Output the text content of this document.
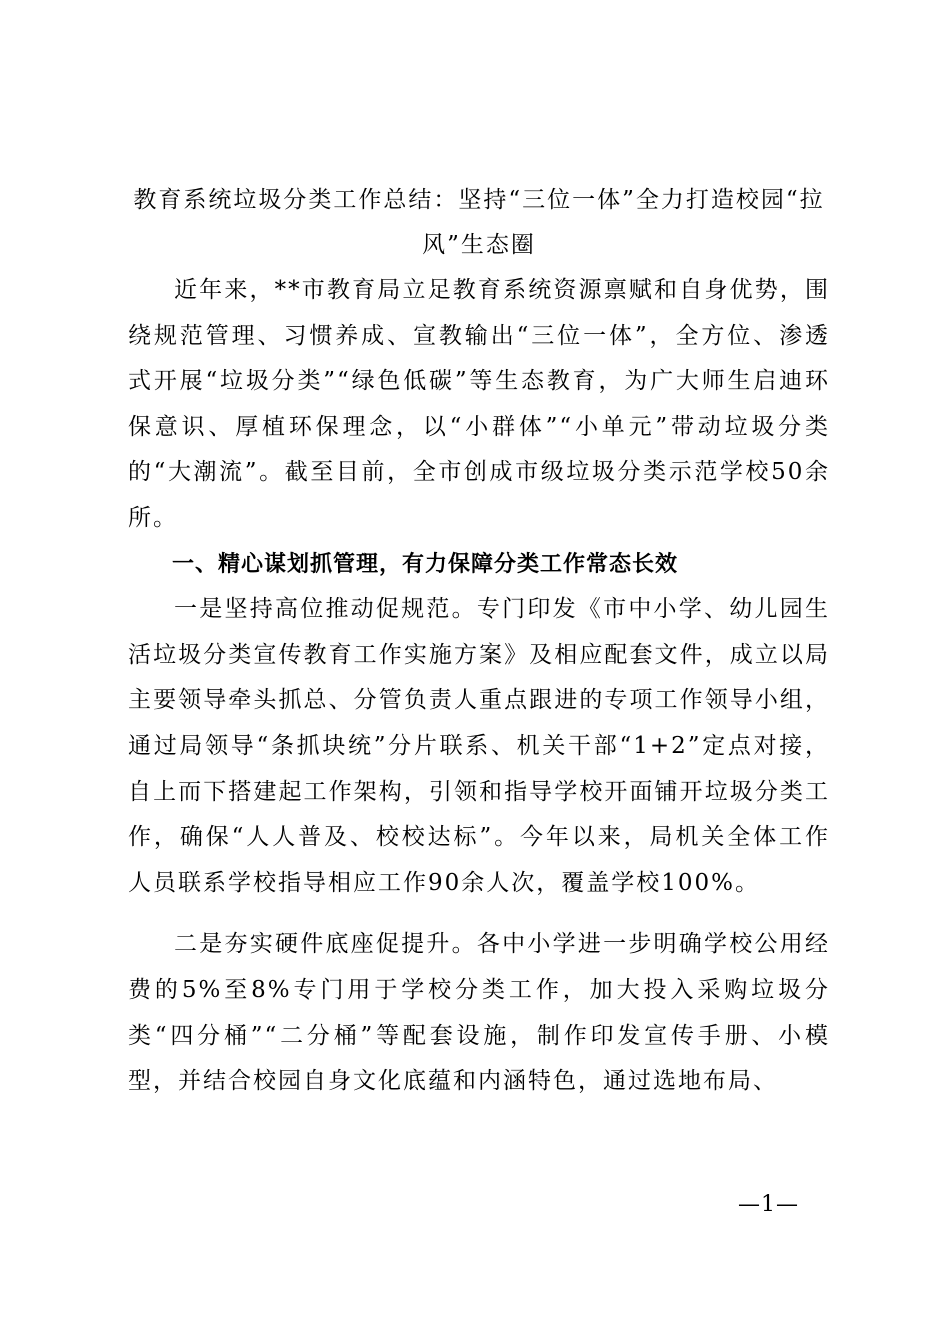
教育系统垃圾分类工作总结：坚持“三位一体”全力打造校园“拉风”生态圈

近年来，**市教育局立足教育系统资源禀赋和自身优势，围绕规范管理、习惯养成、宣教输出“三位一体”，全方位、渗透式开展“垃圾分类”“绿色低碳”等生态教育，为广大师生启迪环保意识、厚植环保理念，以“小群体”“小单元”带动垃圾分类的“大潮流”。截至目前，全市创成市级垃圾分类示范学校50余所。

一、精心谋划抓管理，有力保障分类工作常态长效

一是坚持高位推动促规范。专门印发《市中小学、幼儿园生活垃圾分类宣传教育工作实施方案》及相应配套文件，成立以局主要领导牵头抓总、分管负责人重点跟进的专项工作领导小组，通过局领导“条抓块统”分片联系、机关干部“1+2”定点对接，自上而下搭建起工作架构，引领和指导学校开面铺开垃圾分类工作，确保“人人普及、校校达标”。今年以来，局机关全体工作人员联系学校指导相应工作90余人次，覆盖学校100%。

二是夯实硬件底座促提升。各中小学进一步明确学校公用经费的5%至8%专门用于学校分类工作，加大投入采购垃圾分类“四分桶”“二分桶”等配套设施，制作印发宣传手册、小模型，并结合校园自身文化底蕴和内涵特色，通过选地布局、

—1—
